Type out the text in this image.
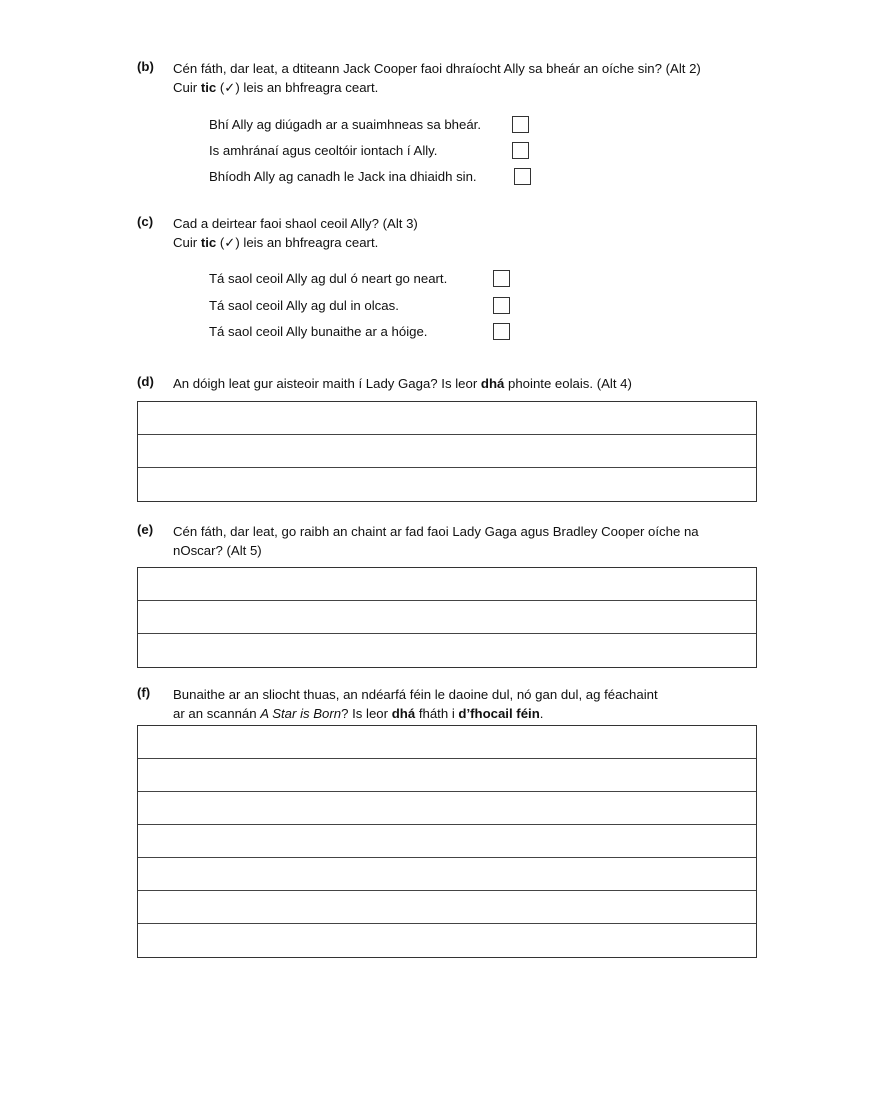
(b) Cén fáth, dar leat, a dtiteann Jack Cooper faoi dhraíocht Ally sa bheár an oíche sin? (Alt 2)
Cuir tic (✓) leis an bhfreagra ceart.
Bhí Ally ag diúgadh ar a suaimhneas sa bheár.
Is amhránaí agus ceoltóir iontach í Ally.
Bhíodh Ally ag canadh le Jack ina dhiaidh sin.
(c) Cad a deirtear faoi shaol ceoil Ally? (Alt 3)
Cuir tic (✓) leis an bhfreagra ceart.
Tá saol ceoil Ally ag dul ó neart go neart.
Tá saol ceoil Ally ag dul in olcas.
Tá saol ceoil Ally bunaithe ar a hóige.
(d) An dóigh leat gur aisteoir maith í Lady Gaga? Is leor dhá phointe eolais. (Alt 4)
(e) Cén fáth, dar leat, go raibh an chaint ar fad faoi Lady Gaga agus Bradley Cooper oíche na
nOscar? (Alt 5)
(f) Bunaithe ar an sliocht thuas, an ndéarfá féin le daoine dul, nó gan dul, ag féachaint
ar an scannán A Star is Born? Is leor dhá fháth i d’fhocail féin.
